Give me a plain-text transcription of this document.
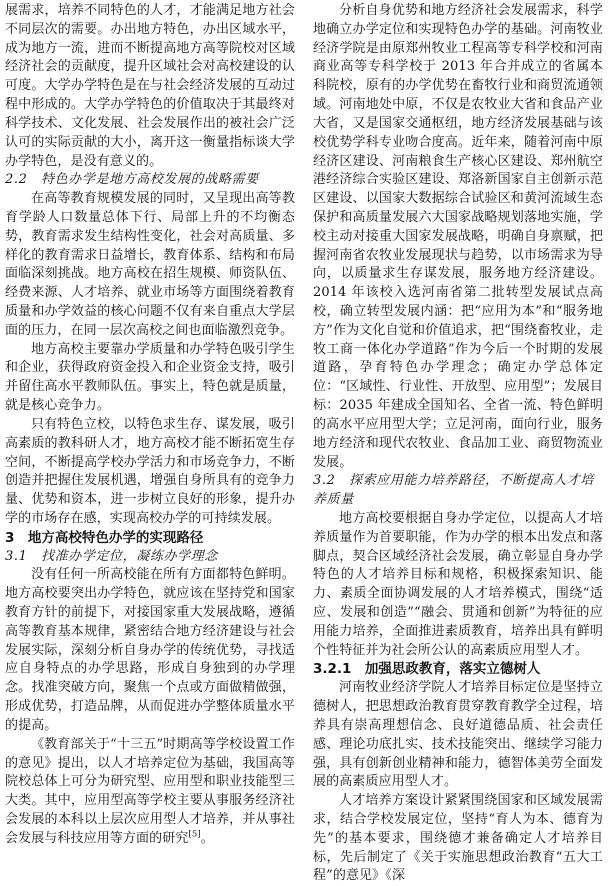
展需求，培养不同特色的人才，才能满足地方社会不同层次的需要。办出地方特色，办出区域水平，成为地方一流，进而不断提高地方高等院校对区域经济社会的贡献度，提升区域社会对高校建设的认可度。大学办学特色是在与社会经济发展的互动过程中形成的。大学办学特色的价值取决于其最终对科学技术、文化发展、社会发展作出的被社会广泛认可的实际贡献的大小，离开这一衡量指标谈大学办学特色，是没有意义的。

2.2　特色办学是地方高校发展的战略需要

在高等教育规模发展的同时，又呈现出高等教育学龄人口数量总体下行、局部上升的不均衡态势，教育需求发生结构性变化，社会对高质量、多样化的教育需求日益增长，教育体系、结构和布局面临深刻挑战。地方高校在招生规模、师资队伍、经费来源、人才培养、就业市场等方面围绕着教育质量和办学效益的核心问题不仅有来自重点大学层面的压力，在同一层次高校之间也面临激烈竞争。

地方高校主要靠办学质量和办学特色吸引学生和企业，获得政府资金投入和企业资金支持，吸引并留住高水平教师队伍。事实上，特色就是质量，就是核心竞争力。

只有特色立校，以特色求生存、谋发展，吸引高素质的教科研人才，地方高校才能不断拓宽生存空间，不断提高学校办学活力和市场竞争力，不断创造并把握住发展机遇，增强自身所具有的竞争力量、优势和资本，进一步树立良好的形象，提升办学的市场存在感，实现高校办学的可持续发展。

3　地方高校特色办学的实现路径
3.1　找准办学定位，凝练办学理念

没有任何一所高校能在所有方面都特色鲜明。地方高校要突出办学特色，就应该在坚持党和国家教育方针的前提下，对接国家重大发展战略，遵循高等教育基本规律，紧密结合地方经济建设与社会发展实际，深刻分析自身办学的传统优势，寻找适应自身特点的办学思路，形成自身独到的办学理念。找准突破方向，聚焦一个点或方面做精做强，形成优势，打造品牌，从而促进办学整体质量水平的提高。

《教育部关于“十三五”时期高等学校设置工作的意见》提出，以人才培养定位为基础，我国高等院校总体上可分为研究型、应用型和职业技能型三大类。其中，应用型高等学校主要从事服务经济社会发展的本科以上层次应用型人才培养，并从事社会发展与科技应用等方面的研究[5]。

分析自身优势和地方经济社会发展需求，科学地确立办学定位和实现特色办学的基础。河南牧业经济学院是由原郑州牧业工程高等专科学校和河南商业高等专科学校于 2013 年合并成立的省属本科院校，原有的办学优势在畜牧行业和商贸流通领域。河南地处中原，不仅是农牧业大省和食品产业大省，又是国家交通枢纽，地方经济发展基础与该校优势学科专业吻合度高。近年来，随着河南中原经济区建设、河南粮食生产核心区建设、郑州航空港经济综合实验区建设、郑洛新国家自主创新示范区建设、以国家大数据综合试验区和黄河流域生态保护和高质量发展六大国家战略规划落地实施，学校主动对接重大国家发展战略，明确自身禀赋，把握河南省农牧业发展现状与趋势，以市场需求为导向，以质量求生存谋发展，服务地方经济建设。2014 年该校入选河南省第二批转型发展试点高校，确立转型发展内涵：把“应用为本”和“服务地方”作为文化自觉和价值追求，把“围绕畜牧业，走牧工商一体化办学道路”作为今后一个时期的发展道路，孕育特色办学理念；确定办学总体定位：“区域性、行业性、开放型、应用型”；发展目标：2035 年建成全国知名、全省一流、特色鲜明的高水平应用型大学；立足河南，面向行业，服务地方经济和现代农牧业、食品加工业、商贸物流业发展。

3.2　探索应用能力培养路径，不断提高人才培养质量

地方高校要根据自身办学定位，以提高人才培养质量作为首要职能，作为办学的根本出发点和落脚点，契合区域经济社会发展，确立彰显自身办学特色的人才培养目标和规格，积极探索知识、能力、素质全面协调发展的人才培养模式，围绕“适应、发展和创造”“融会、贯通和创新”为特征的应用能力培养，全面推进素质教育，培养出具有鲜明个性特征并为社会所公认的高素质应用型人才。

3.2.1　加强思政教育，落实立德树人

河南牧业经济学院人才培养目标定位是坚持立德树人，把思想政治教育贯穿教育教学全过程，培养具有崇高理想信念、良好道德品质、社会责任感、理论功底扎实、技术技能突出、继续学习能力强，具有创新创业精神和能力，德智体美劳全面发展的高素质应用型人才。

人才培养方案设计紧紧围绕国家和区域发展需求，结合学校发展定位，坚持“育人为本、德育为先”的基本要求，围绕德才兼备确定人才培养目标，先后制定了《关于实施思想政治教育“五大工程”的意见》《深
